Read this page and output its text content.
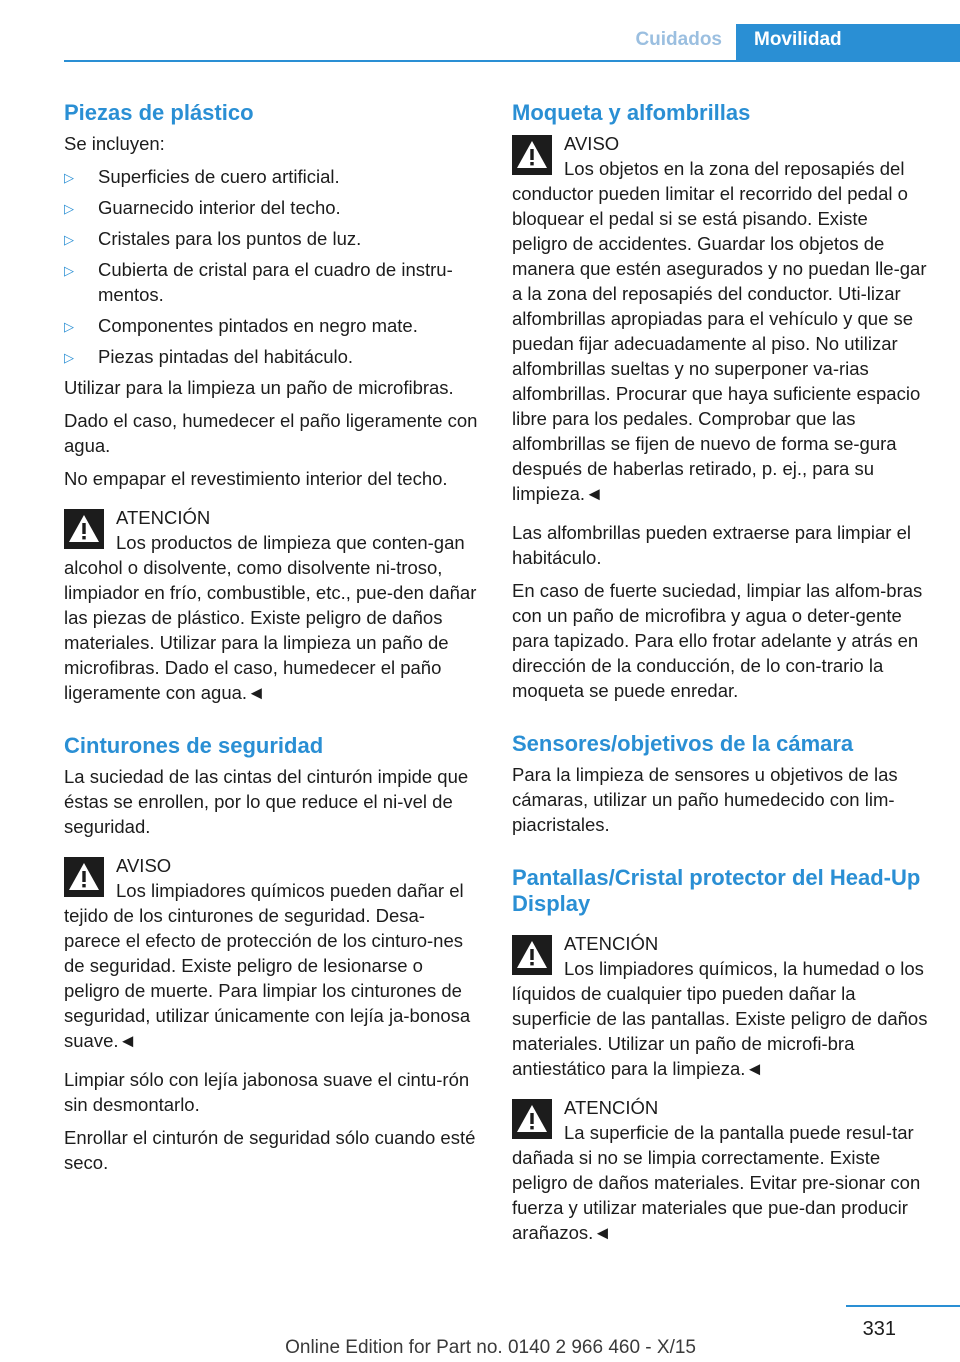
Cuidados	Movilidad
Piezas de plástico

Se incluyen:

▷ Superficies de cuero artificial.
▷ Guarnecido interior del techo.
▷ Cristales para los puntos de luz.
▷ Cubierta de cristal para el cuadro de instru‐mentos.
▷ Componentes pintados en negro mate.
▷ Piezas pintadas del habitáculo.

Utilizar para la limpieza un paño de microfibras.

Dado el caso, humedecer el paño ligeramente con agua.

No empapar el revestimiento interior del techo.

ATENCIÓN

Los productos de limpieza que conten‐gan alcohol o disolvente, como disolvente ni‐troso, limpiador en frío, combustible, etc., pue‐den dañar las piezas de plástico. Existe peligro de daños materiales. Utilizar para la limpieza un paño de microfibras. Dado el caso, humedecer el paño ligeramente con agua.◄

Cinturones de seguridad

La suciedad de las cintas del cinturón impide que éstas se enrollen, por lo que reduce el ni‐vel de seguridad.

AVISO

Los limpiadores químicos pueden dañar el tejido de los cinturones de seguridad. Desa‐parece el efecto de protección de los cinturo‐nes de seguridad. Existe peligro de lesionarse o peligro de muerte. Para limpiar los cinturones de seguridad, utilizar únicamente con lejía ja‐bonosa suave.◄

Limpiar sólo con lejía jabonosa suave el cintu‐rón sin desmontarlo.

Enrollar el cinturón de seguridad sólo cuando esté seco.

Moqueta y alfombrillas
AVISO

Los objetos en la zona del reposapiés del conductor pueden limitar el recorrido del pedal o bloquear el pedal si se está pisando. Existe peligro de accidentes. Guardar los objetos de manera que estén asegurados y no puedan lle‐gar a la zona del reposapiés del conductor. Uti‐lizar alfombrillas apropiadas para el vehículo y que se puedan fijar adecuadamente al piso. No utilizar alfombrillas sueltas y no superponer va‐rias alfombrillas. Procurar que haya suficiente espacio libre para los pedales. Comprobar que las alfombrillas se fijen de nuevo de forma se‐gura después de haberlas retirado, p. ej., para su limpieza.◄

Las alfombrillas pueden extraerse para limpiar el habitáculo.

En caso de fuerte suciedad, limpiar las alfom‐bras con un paño de microfibra y agua o deter‐gente para tapizado. Para ello frotar adelante y atrás en dirección de la conducción, de lo con‐trario la moqueta se puede enredar.

Sensores/objetivos de la cámara

Para la limpieza de sensores u objetivos de las cámaras, utilizar un paño humedecido con lim‐piacristales.

Pantallas/Cristal protector del Head-Up Display
ATENCIÓN

Los limpiadores químicos, la humedad o los líquidos de cualquier tipo pueden dañar la superficie de las pantallas. Existe peligro de daños materiales. Utilizar un paño de microfi‐bra antiestático para la limpieza.◄

ATENCIÓN

La superficie de la pantalla puede resul‐tar dañada si no se limpia correctamente. Existe peligro de daños materiales. Evitar pre‐sionar con fuerza y utilizar materiales que pue‐dan producir arañazos.◄

331
Online Edition for Part no. 0140 2 966 460 - X/15
